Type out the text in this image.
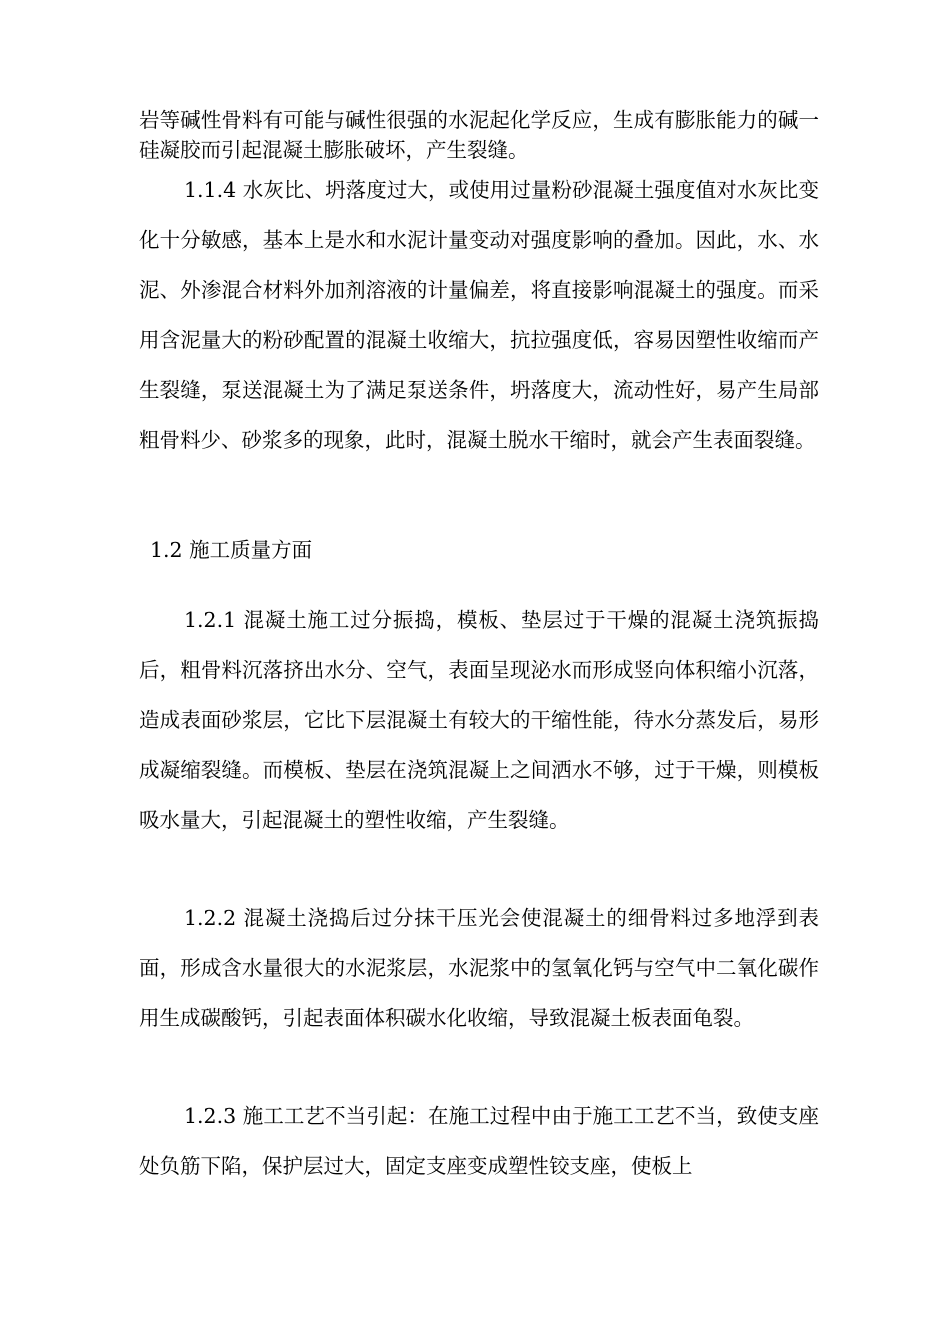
岩等碱性骨料有可能与碱性很强的水泥起化学反应，生成有膨胀能力的碱一硅凝胶而引起混凝土膨胀破坏，产生裂缝。

1.1.4 水灰比、坍落度过大，或使用过量粉砂混凝土强度值对水灰比变化十分敏感，基本上是水和水泥计量变动对强度影响的叠加。因此，水、水泥、外渗混合材料外加剂溶液的计量偏差，将直接影响混凝土的强度。而采用含泥量大的粉砂配置的混凝土收缩大，抗拉强度低，容易因塑性收缩而产生裂缝，泵送混凝土为了满足泵送条件，坍落度大，流动性好，易产生局部粗骨料少、砂浆多的现象，此时，混凝土脱水干缩时，就会产生表面裂缝。

1.2 施工质量方面

1.2.1 混凝土施工过分振捣，模板、垫层过于干燥的混凝土浇筑振捣后，粗骨料沉落挤出水分、空气，表面呈现泌水而形成竖向体积缩小沉落，造成表面砂浆层，它比下层混凝土有较大的干缩性能，待水分蒸发后，易形成凝缩裂缝。而模板、垫层在浇筑混凝上之间洒水不够，过于干燥，则模板吸水量大，引起混凝土的塑性收缩，产生裂缝。

1.2.2 混凝土浇捣后过分抹干压光会使混凝土的细骨料过多地浮到表面，形成含水量很大的水泥浆层，水泥浆中的氢氧化钙与空气中二氧化碳作用生成碳酸钙，引起表面体积碳水化收缩，导致混凝土板表面龟裂。

1.2.3 施工工艺不当引起：在施工过程中由于施工工艺不当，致使支座处负筋下陷，保护层过大，固定支座变成塑性铰支座，使板上
